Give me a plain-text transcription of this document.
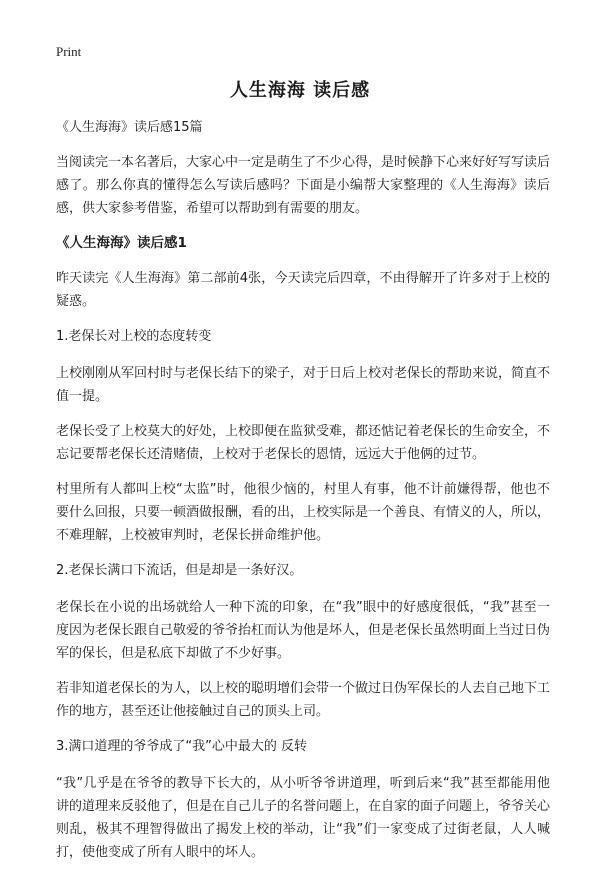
Print
人生海海 读后感

《人生海海》读后感15篇

当阅读完一本名著后，大家心中一定是萌生了不少心得，是时候静下心来好好写写读后感了。那么你真的懂得怎么写读后感吗？下面是小编帮大家整理的《人生海海》读后感，供大家参考借鉴，希望可以帮助到有需要的朋友。

《人生海海》读后感1

昨天读完《人生海海》第二部前4张，今天读完后四章，不由得解开了许多对于上校的疑惑。

1.老保长对上校的态度转变

上校刚刚从军回村时与老保长结下的梁子，对于日后上校对老保长的帮助来说，简直不值一提。

老保长受了上校莫大的好处，上校即便在监狱受难，都还惦记着老保长的生命安全，不忘记要帮老保长还清赌债，上校对于老保长的恩情，远远大于他俩的过节。

村里所有人都叫上校“太监”时，他很少恼的，村里人有事，他不计前嫌得帮，他也不要什么回报，只要一顿酒做报酬，看的出，上校实际是一个善良、有情义的人，所以，不难理解，上校被审判时，老保长拼命维护他。

2.老保长满口下流话，但是却是一条好汉。

老保长在小说的出场就给人一种下流的印象，在“我”眼中的好感度很低，“我”甚至一度因为老保长跟自己敬爱的爷爷抬杠而认为他是坏人，但是老保长虽然明面上当过日伪军的保长，但是私底下却做了不少好事。

若非知道老保长的为人，以上校的聪明增们会带一个做过日伪军保长的人去自己地下工作的地方，甚至还让他接触过自己的顶头上司。

3.满口道理的爷爷成了“我”心中最大的 反转

“我”几乎是在爷爷的教导下长大的，从小听爷爷讲道理，听到后来“我”甚至都能用他讲的道理来反驳他了，但是在自己儿子的名誉问题上，在自家的面子问题上，爷爷关心则乱，极其不理智得做出了揭发上校的举动，让“我”们一家变成了过街老鼠，人人喊打，使他变成了所有人眼中的坏人。
